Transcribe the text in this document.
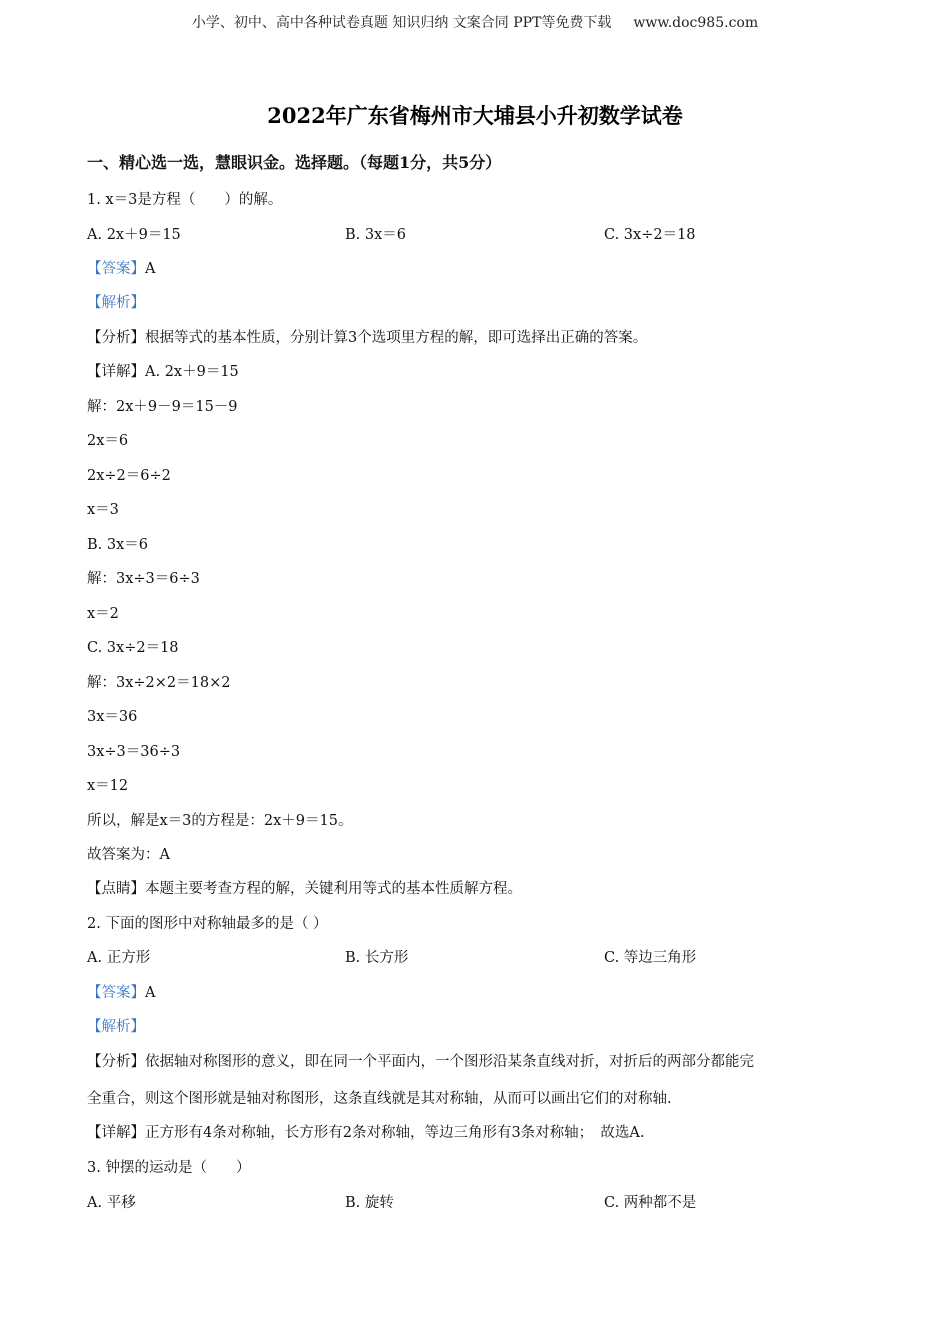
小学、初中、高中各种试卷真题 知识归纳 文案合同 PPT等免费下载 www.doc985.com
2022年广东省梅州市大埔县小升初数学试卷
一、精心选一选，慧眼识金。选择题。（每题1分，共5分）
1. x＝3是方程（　　）的解。
A. 2x＋9＝15	B. 3x＝6	C. 3x÷2＝18
【答案】A
【解析】
【分析】根据等式的基本性质，分别计算3个选项里方程的解，即可选择出正确的答案。
【详解】A. 2x＋9＝15
解：2x＋9－9＝15－9
2x＝6
2x÷2＝6÷2
x＝3
B. 3x＝6
解：3x÷3＝6÷3
x＝2
C. 3x÷2＝18
解：3x÷2×2＝18×2
3x＝36
3x÷3＝36÷3
x＝12
所以，解是x＝3的方程是：2x＋9＝15。
故答案为：A
【点睛】本题主要考查方程的解，关键利用等式的基本性质解方程。
2. 下面的图形中对称轴最多的是（ ）
A. 正方形	B. 长方形	C. 等边三角形
【答案】A
【解析】
【分析】依据轴对称图形的意义，即在同一个平面内，一个图形沿某条直线对折，对折后的两部分都能完
全重合，则这个图形就是轴对称图形，这条直线就是其对称轴，从而可以画出它们的对称轴.
【详解】正方形有4条对称轴，长方形有2条对称轴，等边三角形有3条对称轴；　故选A.
3. 钟摆的运动是（　　）
A. 平移	B. 旋转	C. 两种都不是
